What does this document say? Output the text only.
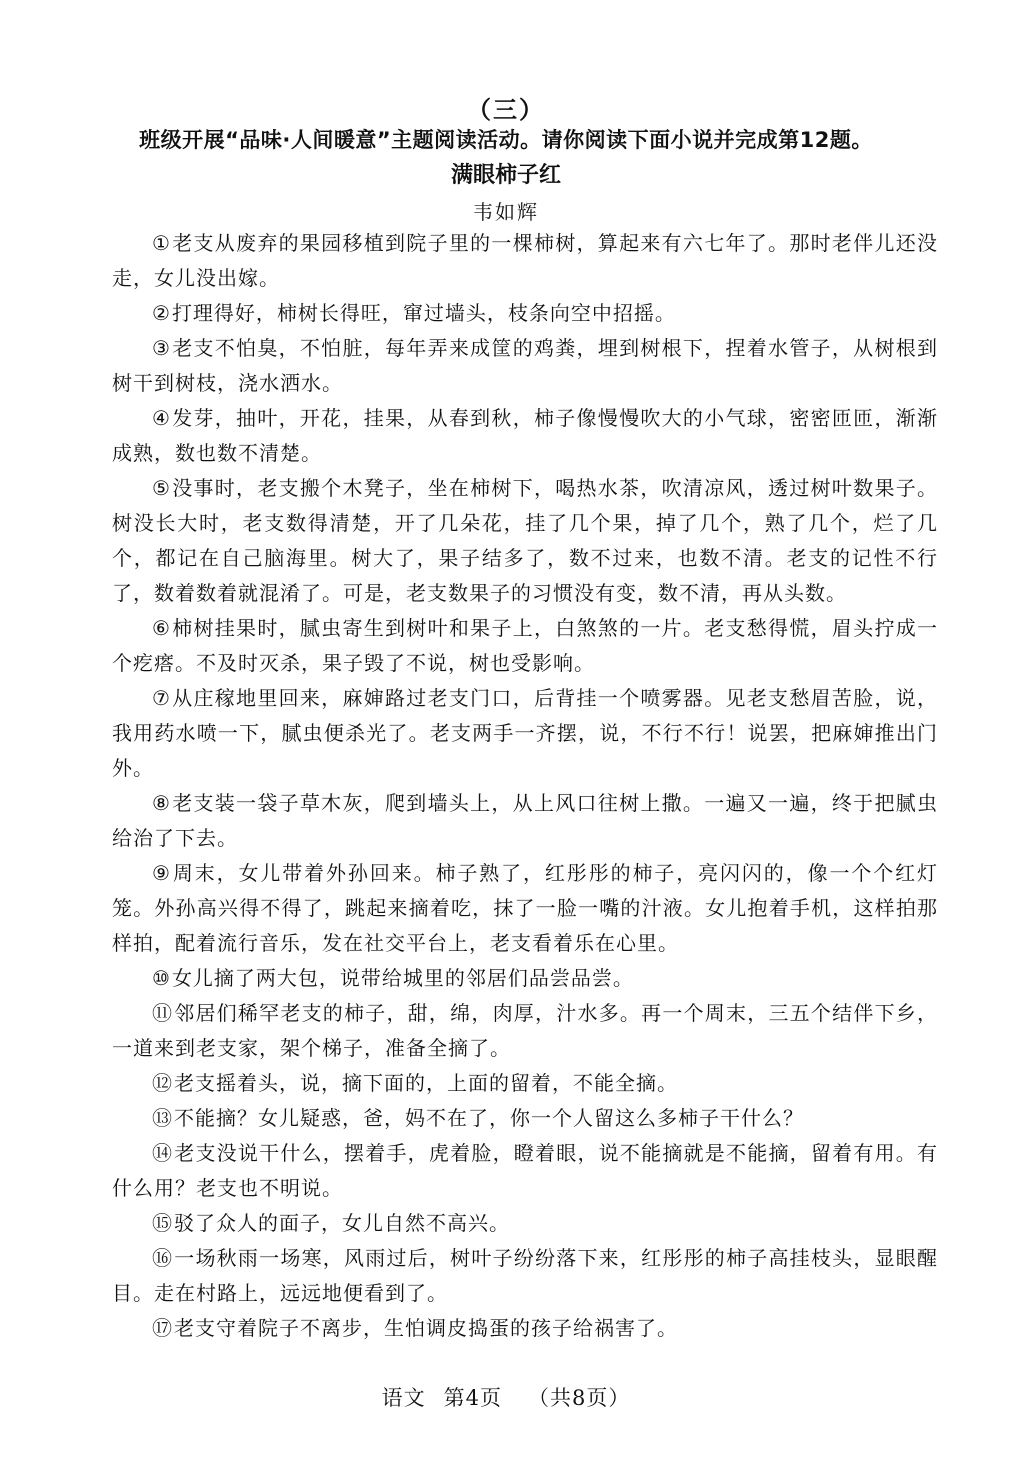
（三）
班级开展“品味·人间暖意”主题阅读活动。请你阅读下面小说并完成第12题。
满眼柿子红
韦如辉

①老支从废弃的果园移植到院子里的一棵柿树，算起来有六七年了。那时老伴儿还没走，女儿没出嫁。

②打理得好，柿树长得旺，窜过墙头，枝条向空中招摇。

③老支不怕臭，不怕脏，每年弄来成筐的鸡粪，埋到树根下，捏着水管子，从树根到树干到树枝，浇水洒水。

④发芽，抽叶，开花，挂果，从春到秋，柿子像慢慢吹大的小气球，密密匝匝，渐渐成熟，数也数不清楚。

⑤没事时，老支搬个木凳子，坐在柿树下，喝热水茶，吹清凉风，透过树叶数果子。树没长大时，老支数得清楚，开了几朵花，挂了几个果，掉了几个，熟了几个，烂了几个，都记在自己脑海里。树大了，果子结多了，数不过来，也数不清。老支的记性不行了，数着数着就混淆了。可是，老支数果子的习惯没有变，数不清，再从头数。

⑥柿树挂果时，腻虫寄生到树叶和果子上，白煞煞的一片。老支愁得慌，眉头拧成一个疙瘩。不及时灭杀，果子毁了不说，树也受影响。

⑦从庄稼地里回来，麻婶路过老支门口，后背挂一个喷雾器。见老支愁眉苦脸，说，我用药水喷一下，腻虫便杀光了。老支两手一齐摆，说，不行不行！说罢，把麻婶推出门外。

⑧老支装一袋子草木灰，爬到墙头上，从上风口往树上撒。一遍又一遍，终于把腻虫给治了下去。

⑨周末，女儿带着外孙回来。柿子熟了，红彤彤的柿子，亮闪闪的，像一个个红灯笼。外孙高兴得不得了，跳起来摘着吃，抹了一脸一嘴的汁液。女儿抱着手机，这样拍那样拍，配着流行音乐，发在社交平台上，老支看着乐在心里。

⑩女儿摘了两大包，说带给城里的邻居们品尝品尝。

⑪邻居们稀罕老支的柿子，甜，绵，肉厚，汁水多。再一个周末，三五个结伴下乡，一道来到老支家，架个梯子，准备全摘了。

⑫老支摇着头，说，摘下面的，上面的留着，不能全摘。

⑬不能摘？女儿疑惑，爸，妈不在了，你一个人留这么多柿子干什么？

⑭老支没说干什么，摆着手，虎着脸，瞪着眼，说不能摘就是不能摘，留着有用。有什么用？老支也不明说。

⑮驳了众人的面子，女儿自然不高兴。

⑯一场秋雨一场寒，风雨过后，树叶子纷纷落下来，红彤彤的柿子高挂枝头，显眼醒目。走在村路上，远远地便看到了。

⑰老支守着院子不离步，生怕调皮捣蛋的孩子给祸害了。

语文 第4页 （共8页）
